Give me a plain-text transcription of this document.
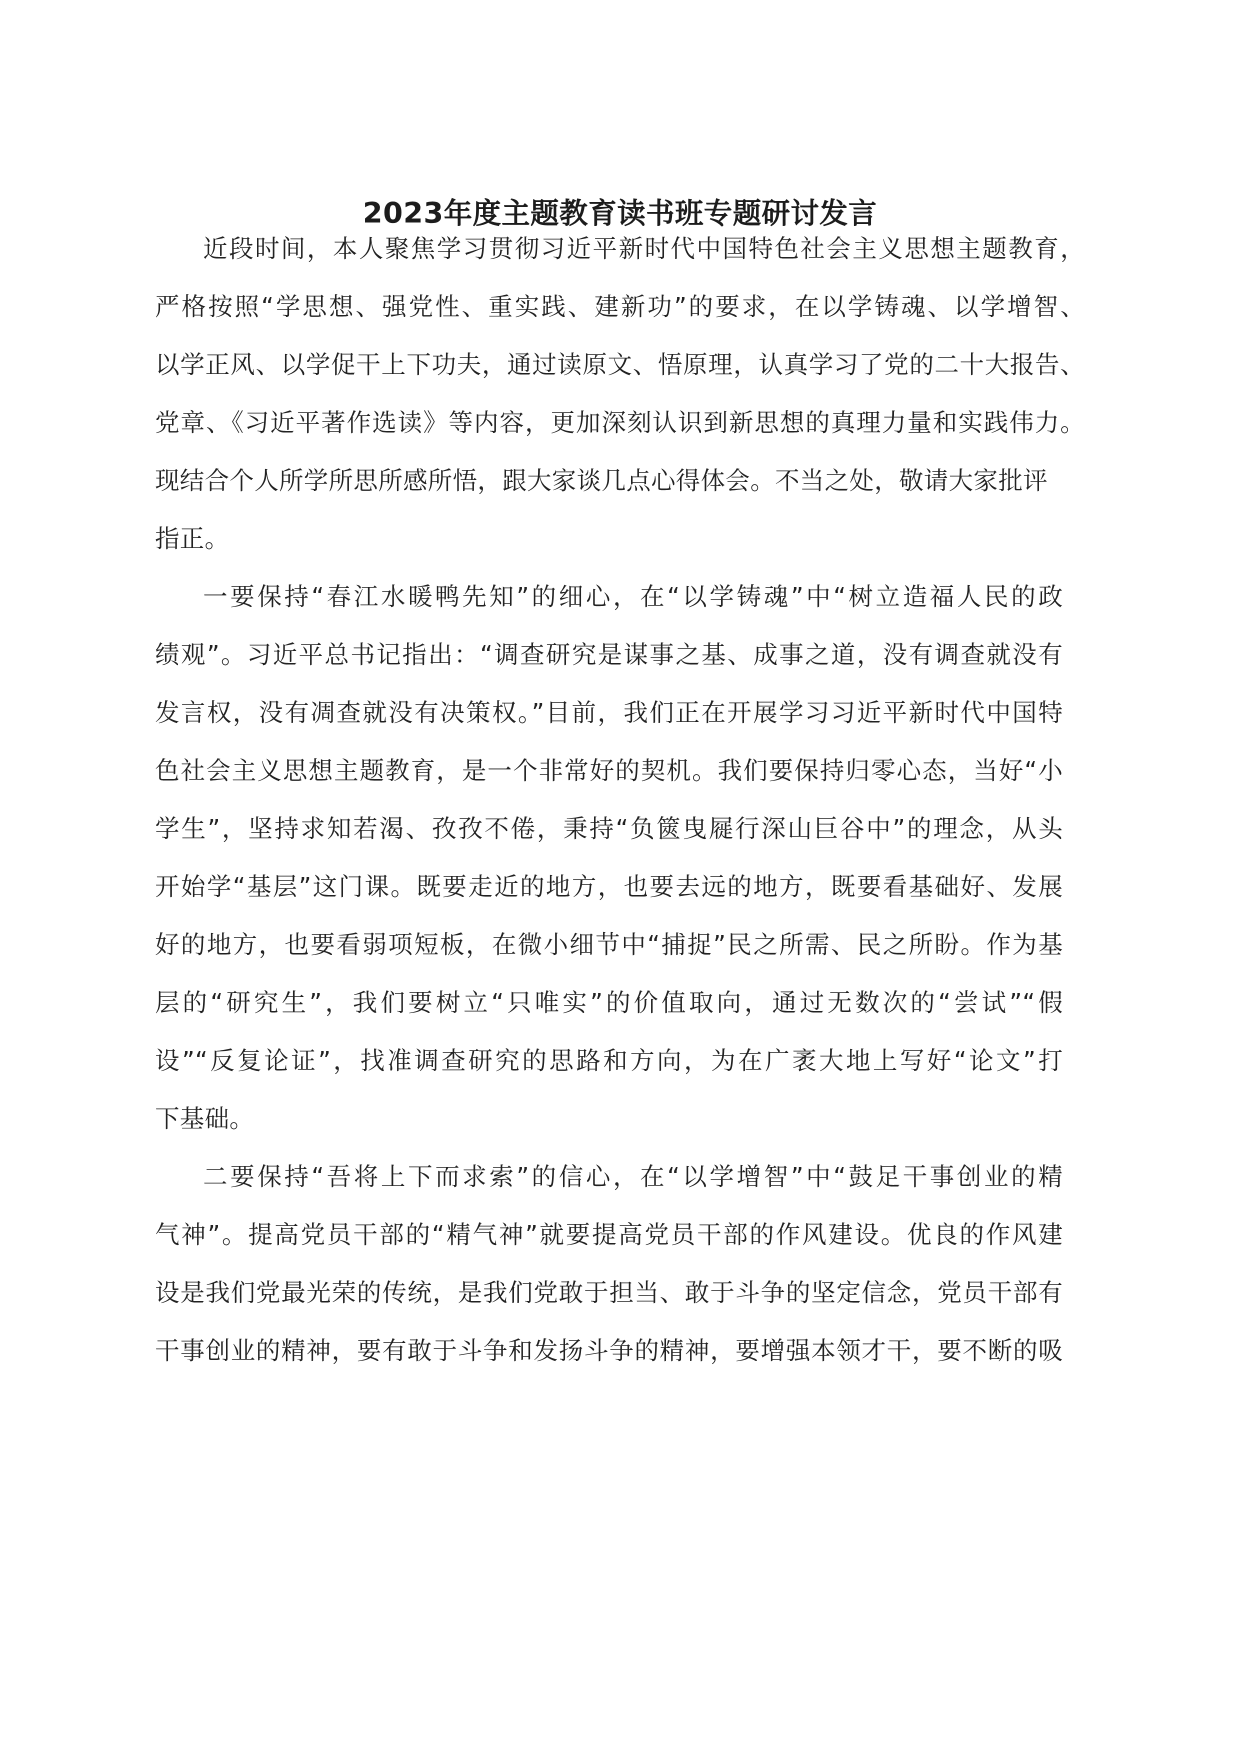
2023年度主题教育读书班专题研讨发言
近段时间，本人聚焦学习贯彻习近平新时代中国特色社会主义思想主题教育，
严格按照“学思想、强党性、重实践、建新功”的要求，在以学铸魂、以学增智、
以学正风、以学促干上下功夫，通过读原文、悟原理，认真学习了党的二十大报告、
党章、《习近平著作选读》等内容，更加深刻认识到新思想的真理力量和实践伟力。
现结合个人所学所思所感所悟，跟大家谈几点心得体会。不当之处，敬请大家批评
指正。
一要保持“春江水暖鸭先知”的细心，在“以学铸魂”中“树立造福人民的政
绩观”。习近平总书记指出：“调查研究是谋事之基、成事之道，没有调查就没有
发言权，没有凋查就没有决策权。”目前，我们正在开展学习习近平新时代中国特
色社会主义思想主题教育，是一个非常好的契机。我们要保持归零心态，当好“小
学生”，坚持求知若渴、孜孜不倦，秉持“负篋曳屣行深山巨谷中”的理念，从头
开始学“基层”这门课。既要走近的地方，也要去远的地方，既要看基础好、发展
好的地方，也要看弱项短板，在微小细节中“捕捉”民之所需、民之所盼。作为基
层的“研究生”，我们要树立“只唯实”的价值取向，通过无数次的“尝试”“假
设”“反复论证”，找准调查研究的思路和方向，为在广袤大地上写好“论文”打
下基础。
二要保持“吾将上下而求索”的信心，在“以学增智”中“鼓足干事创业的精
气神”。提高党员干部的“精气神”就要提高党员干部的作风建设。优良的作风建
设是我们党最光荣的传统，是我们党敢于担当、敢于斗争的坚定信念，党员干部有
干事创业的精神，要有敢于斗争和发扬斗争的精神，要增强本领才干，要不断的吸
